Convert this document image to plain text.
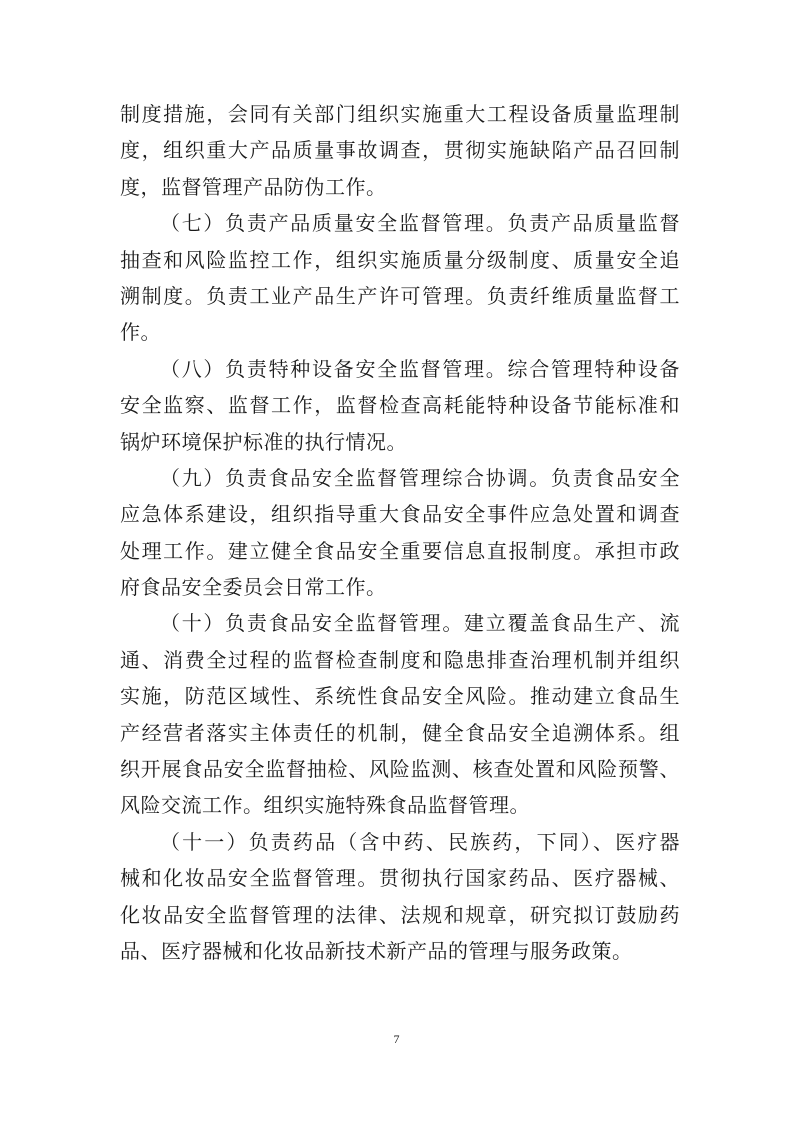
制度措施，会同有关部门组织实施重大工程设备质量监理制
度，组织重大产品质量事故调查，贯彻实施缺陷产品召回制
度，监督管理产品防伪工作。
（七）负责产品质量安全监督管理。负责产品质量监督
抽查和风险监控工作，组织实施质量分级制度、质量安全追
溯制度。负责工业产品生产许可管理。负责纤维质量监督工
作。
（八）负责特种设备安全监督管理。综合管理特种设备
安全监察、监督工作，监督检查高耗能特种设备节能标准和
锅炉环境保护标准的执行情况。
（九）负责食品安全监督管理综合协调。负责食品安全
应急体系建设，组织指导重大食品安全事件应急处置和调查
处理工作。建立健全食品安全重要信息直报制度。承担市政
府食品安全委员会日常工作。
（十）负责食品安全监督管理。建立覆盖食品生产、流
通、消费全过程的监督检查制度和隐患排查治理机制并组织
实施，防范区域性、系统性食品安全风险。推动建立食品生
产经营者落实主体责任的机制，健全食品安全追溯体系。组
织开展食品安全监督抽检、风险监测、核查处置和风险预警、
风险交流工作。组织实施特殊食品监督管理。
（十一）负责药品（含中药、民族药，下同）、医疗器
械和化妆品安全监督管理。贯彻执行国家药品、医疗器械、
化妆品安全监督管理的法律、法规和规章，研究拟订鼓励药
品、医疗器械和化妆品新技术新产品的管理与服务政策。
7
